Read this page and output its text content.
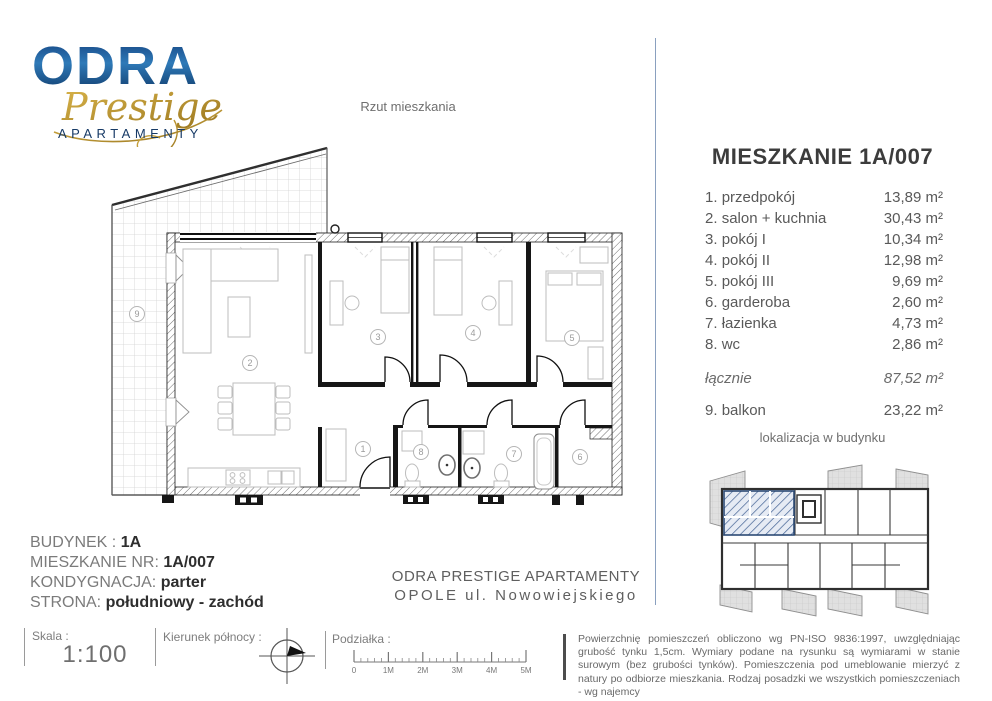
ODRA
Prestige
APARTAMENTY
Rzut mieszkania
1
2
3	4	5
6
7
8
9
MIESZKANIE 1A/007
1. przedpokój	13,89 m²
2. salon + kuchnia	30,43 m²
3. pokój I	10,34 m²
4. pokój II	12,98 m²
5. pokój III	9,69 m²
6. garderoba	2,60 m²
7. łazienka	4,73 m²
8. wc	2,86 m²
łącznie	87,52 m²
9. balkon	23,22 m²
lokalizacja w budynku
BUDYNEK : 1A
MIESZKANIE NR: 1A/007
KONDYGNACJA: parter
STRONA: południowy - zachód
ODRA PRESTIGE APARTAMENTY
OPOLE ul. Nowowiejskiego
Skala :
1:100
Kierunek północy :	Podziałka :
0	1M	2M	3M	4M	5M
Powierzchnię pomieszczeń obliczono wg PN-ISO 9836:1997, uwzględniając grubość tynku 1,5cm. Wymiary podane na rysunku są wymiarami w stanie surowym (bez grubości tynków). Pomieszczenia pod umeblowanie mierzyć z natury po odbiorze mieszkania. Rodzaj posadzki we wszystkich pomieszczeniach - wg najemcy
